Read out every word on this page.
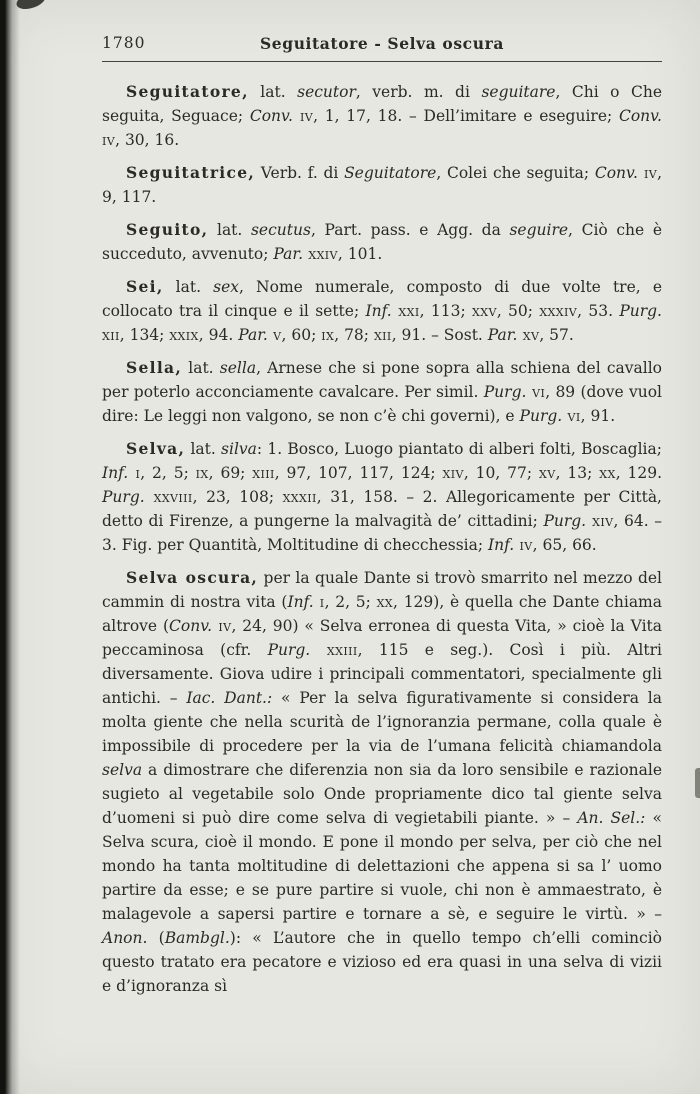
1780	Seguitatore - Selva oscura

Seguitatore, lat. secutor, verb. m. di seguitare, Chi o Che seguita, Seguace; Conv. iv, 1, 17, 18. – Dell’imitare e eseguire; Conv. iv, 30, 16.

Seguitatrice, Verb. f. di Seguitatore, Colei che seguita; Conv. iv, 9, 117.

Seguito, lat. secutus, Part. pass. e Agg. da seguire, Ciò che è succeduto, avvenuto; Par. xxiv, 101.

Sei, lat. sex, Nome numerale, composto di due volte tre, e collocato tra il cinque e il sette; Inf. xxi, 113; xxv, 50; xxxiv, 53. Purg. xii, 134; xxix, 94. Par. v, 60; ix, 78; xii, 91. – Sost. Par. xv, 57.

Sella, lat. sella, Arnese che si pone sopra alla schiena del cavallo per poterlo acconciamente cavalcare. Per simil. Purg. vi, 89 (dove vuol dire: Le leggi non valgono, se non c’è chi governi), e Purg. vi, 91.

Selva, lat. silva: 1. Bosco, Luogo piantato di alberi folti, Boscaglia; Inf. i, 2, 5; ix, 69; xiii, 97, 107, 117, 124; xiv, 10, 77; xv, 13; xx, 129. Purg. xxviii, 23, 108; xxxii, 31, 158. – 2. Allegoricamente per Città, detto di Firenze, a pungerne la malvagità de’ cittadini; Purg. xiv, 64. – 3. Fig. per Quantità, Moltitudine di checchessia; Inf. iv, 65, 66.

Selva oscura, per la quale Dante si trovò smarrito nel mezzo del cammin di nostra vita (Inf. i, 2, 5; xx, 129), è quella che Dante chiama altrove (Conv. iv, 24, 90) « Selva erronea di questa Vita, » cioè la Vita peccaminosa (cfr. Purg. xxiii, 115 e seg.). Così i più. Altri diversamente. Giova udire i principali commentatori, specialmente gli antichi. – Iac. Dant.: « Per la selva figurativamente si considera la molta giente che nella scurità de l’ignoranzia permane, colla quale è impossibile di procedere per la via de l’umana felicità chiamandola selva a dimostrare che diferenzia non sia da loro sensibile e razionale sugieto al vegetabile solo Onde propriamente dico tal giente selva d’uomeni si può dire come selva di vegietabili piante. » – An. Sel.: « Selva scura, cioè il mondo. E pone il mondo per selva, per ciò che nel mondo ha tanta moltitudine di delettazioni che appena si sa l’ uomo partire da esse; e se pure partire si vuole, chi non è ammaestrato, è malagevole a sapersi partire e tornare a sè, e seguire le virtù. » – Anon. (Bambgl.): « L’autore che in quello tempo ch’elli cominciò questo tratato era pecatore e vizioso ed era quasi in una selva di vizii e d’ignoranza sì
